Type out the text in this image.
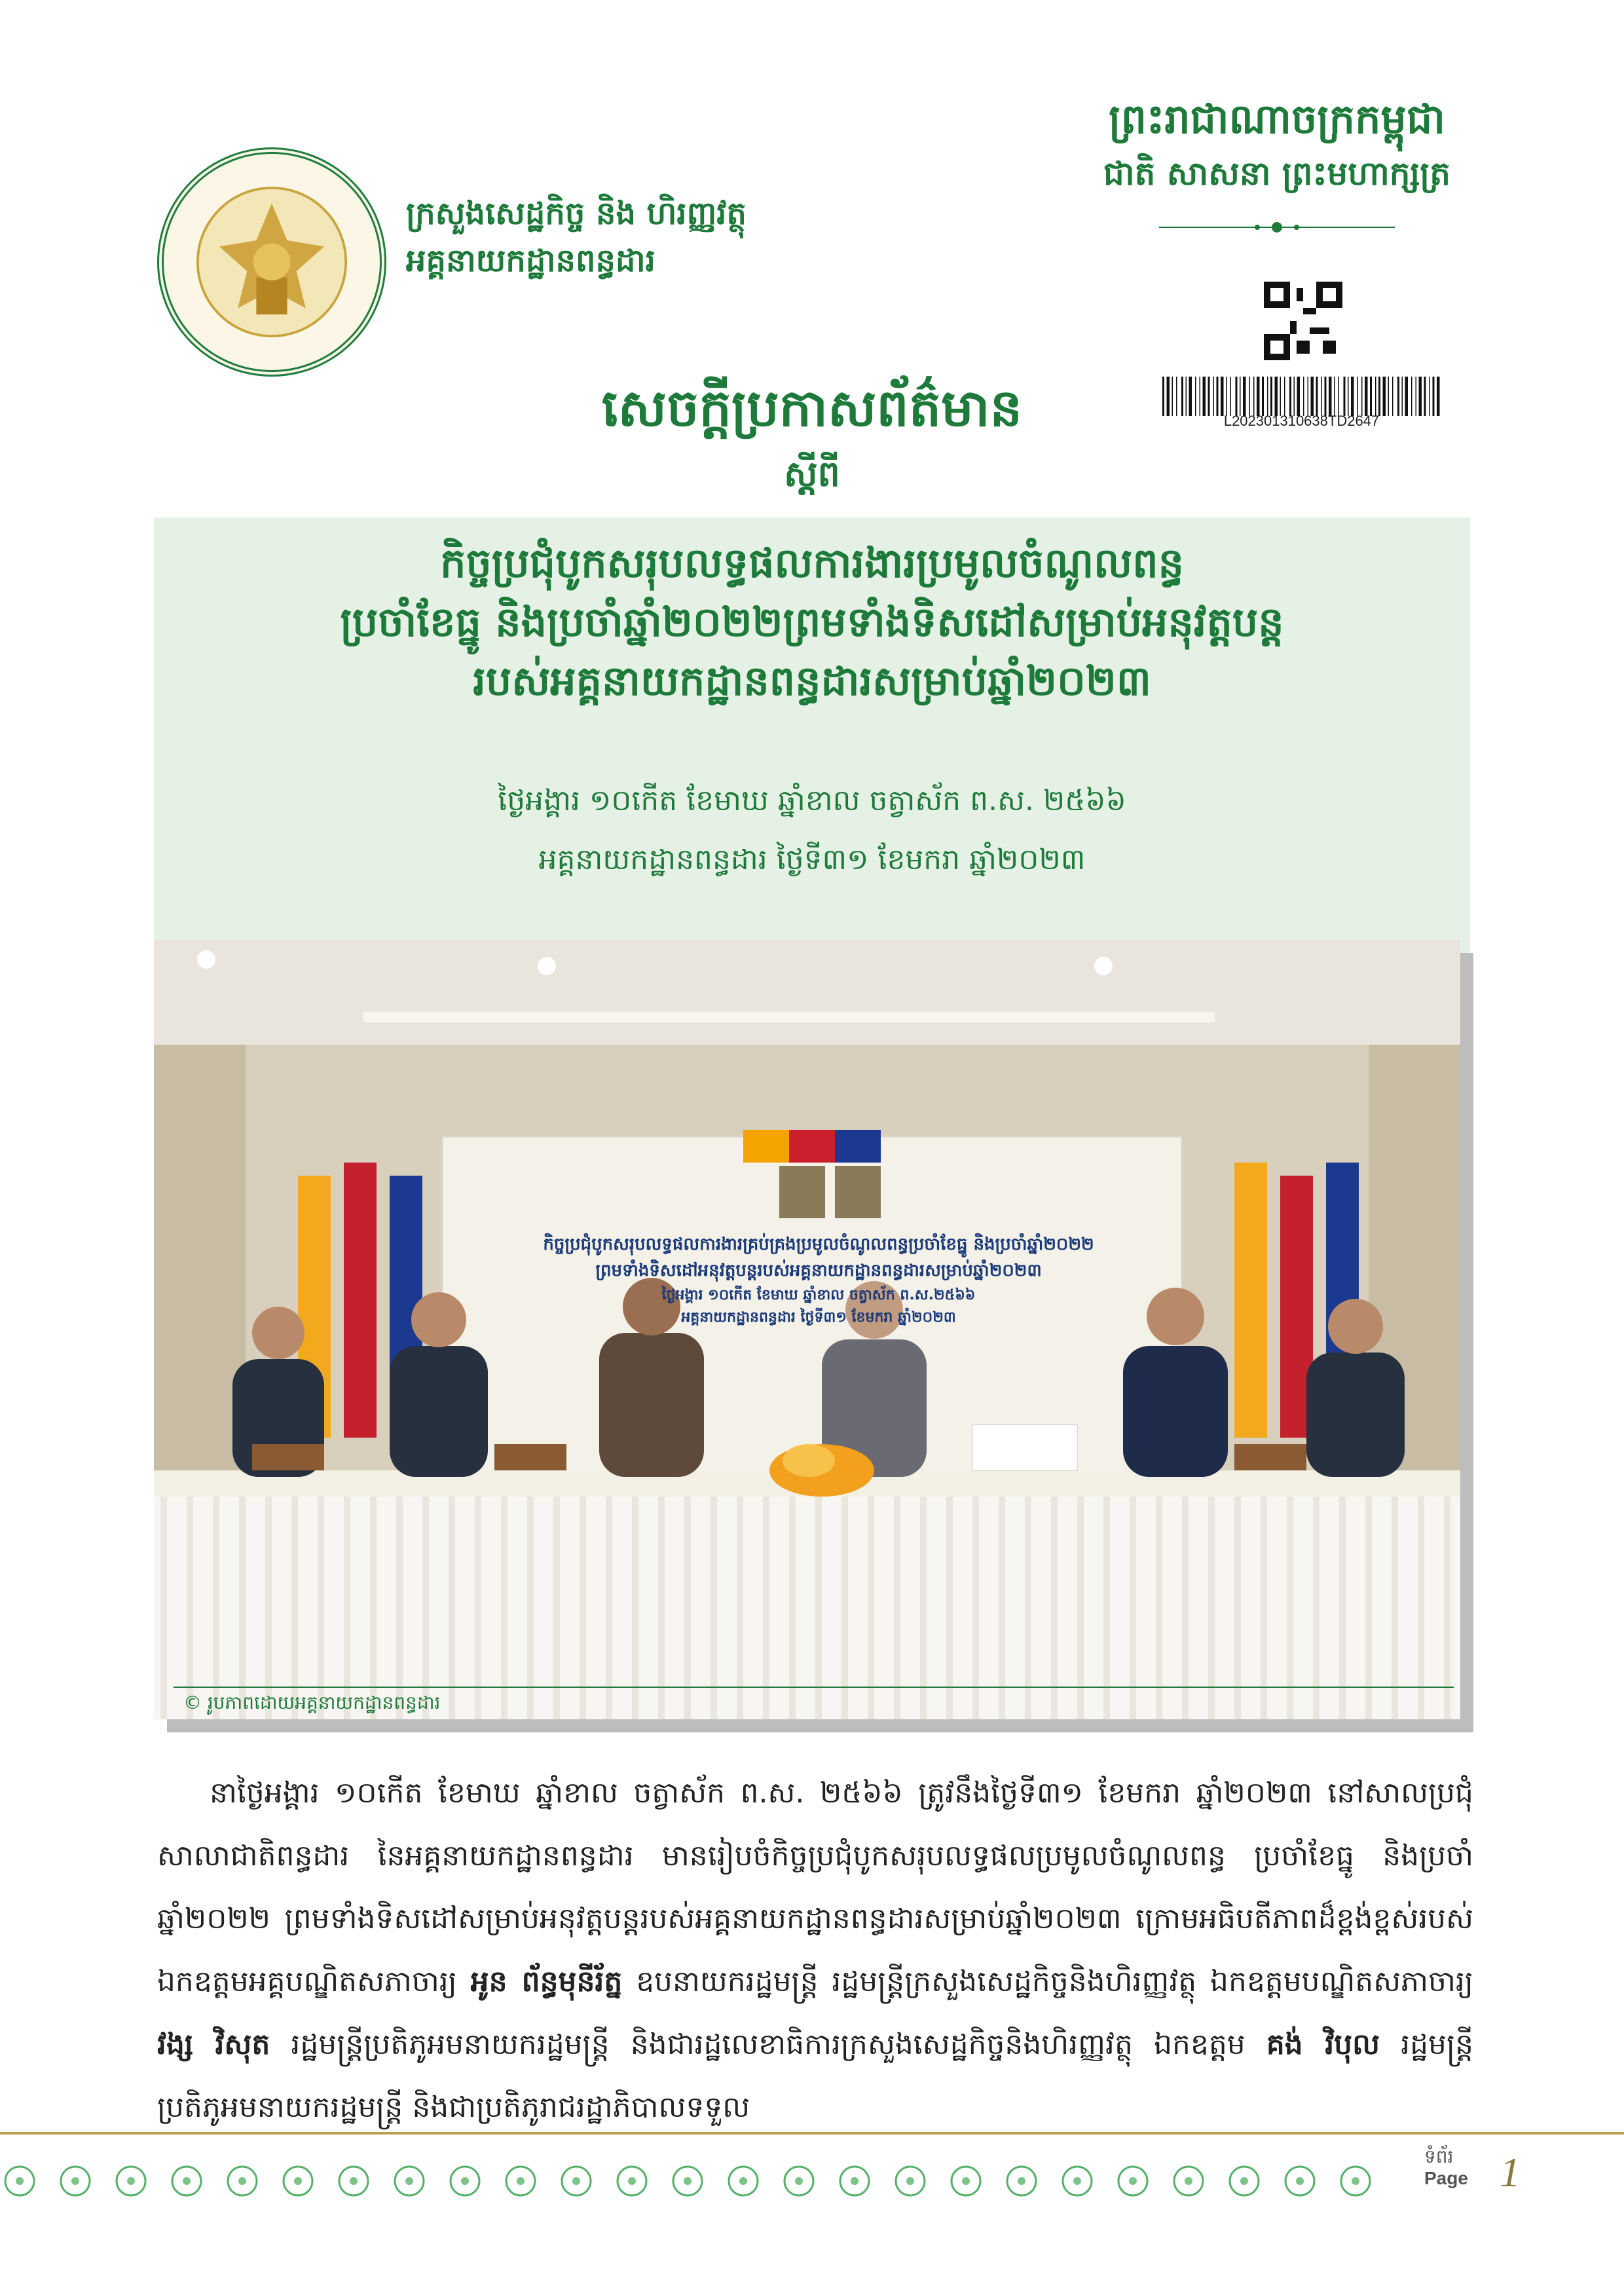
ក្រសួងសេដ្ឋកិច្ច និង ហិរញ្ញវត្ថុ
អគ្គនាយកដ្ឋានពន្ធដារ
ព្រះរាជាណាចក្រកម្ពុជា
ជាតិ សាសនា ព្រះមហាក្សត្រ
L202301310638TD2647
សេចក្តីប្រកាសព័ត៌មាន
ស្តីពី
កិច្ចប្រជុំបូកសរុបលទ្ធផលការងារប្រមូលចំណូលពន្ធ
ប្រចាំខែធ្នូ និងប្រចាំឆ្នាំ២០២២ព្រមទាំងទិសដៅសម្រាប់អនុវត្តបន្ត
របស់អគ្គនាយកដ្ឋានពន្ធដារសម្រាប់ឆ្នាំ២០២៣
ថ្ងៃអង្គារ ១០កើត ខែមាឃ ឆ្នាំខាល ចត្វាស័ក ព.ស. ២៥៦៦
អគ្គនាយកដ្ឋានពន្ធដារ ថ្ងៃទី៣១ ខែមករា ឆ្នាំ២០២៣
កិច្ចប្រជុំបូកសរុបលទ្ធផលការងារគ្រប់គ្រងប្រមូលចំណូលពន្ធប្រចាំខែធ្នូ និងប្រចាំឆ្នាំ២០២២
ព្រមទាំងទិសដៅអនុវត្តបន្តរបស់អគ្គនាយកដ្ឋានពន្ធដារសម្រាប់ឆ្នាំ២០២៣
ថ្ងៃអង្គារ ១០កើត ខែមាឃ ឆ្នាំខាល ចត្វាស័ក ព.ស.២៥៦៦
អគ្គនាយកដ្ឋានពន្ធដារ ថ្ងៃទី៣១ ខែមករា ឆ្នាំ២០២៣
© រូបភាពដោយអគ្គនាយកដ្ឋានពន្ធដារ
នាថ្ងៃអង្គារ ១០កើត ខែមាឃ ឆ្នាំខាល ចត្វាស័ក ព.ស. ២៥៦៦ ត្រូវនឹងថ្ងៃទី៣១ ខែមករា ឆ្នាំ២០២៣ នៅសាលប្រជុំសាលាជាតិពន្ធដារ នៃអគ្គនាយកដ្ឋានពន្ធដារ មានរៀបចំកិច្ចប្រជុំបូកសរុបលទ្ធផលប្រមូលចំណូលពន្ធ ប្រចាំខែធ្នូ និងប្រចាំឆ្នាំ២០២២ ព្រមទាំងទិសដៅសម្រាប់អនុវត្តបន្តរបស់អគ្គនាយកដ្ឋានពន្ធដារសម្រាប់ឆ្នាំ២០២៣ ក្រោមអធិបតីភាពដ៏ខ្ពង់ខ្ពស់របស់ឯកឧត្តមអគ្គបណ្ឌិតសភាចារ្យ អូន ព័ន្ធមុនីរ័ត្ន ឧបនាយករដ្ឋមន្ត្រី រដ្ឋមន្ត្រីក្រសួងសេដ្ឋកិច្ចនិងហិរញ្ញវត្ថុ ឯកឧត្តមបណ្ឌិតសភាចារ្យ វង្ស វិសុត រដ្ឋមន្ត្រីប្រតិភូអមនាយករដ្ឋមន្ត្រី និងជារដ្ឋលេខាធិការក្រសួងសេដ្ឋកិច្ចនិងហិរញ្ញវត្ថុ ឯកឧត្តម គង់ វិបុល រដ្ឋមន្ត្រីប្រតិភូអមនាយករដ្ឋមន្ត្រី និងជាប្រតិភូរាជរដ្ឋាភិបាលទទួល
ទំព័រ
Page 1
